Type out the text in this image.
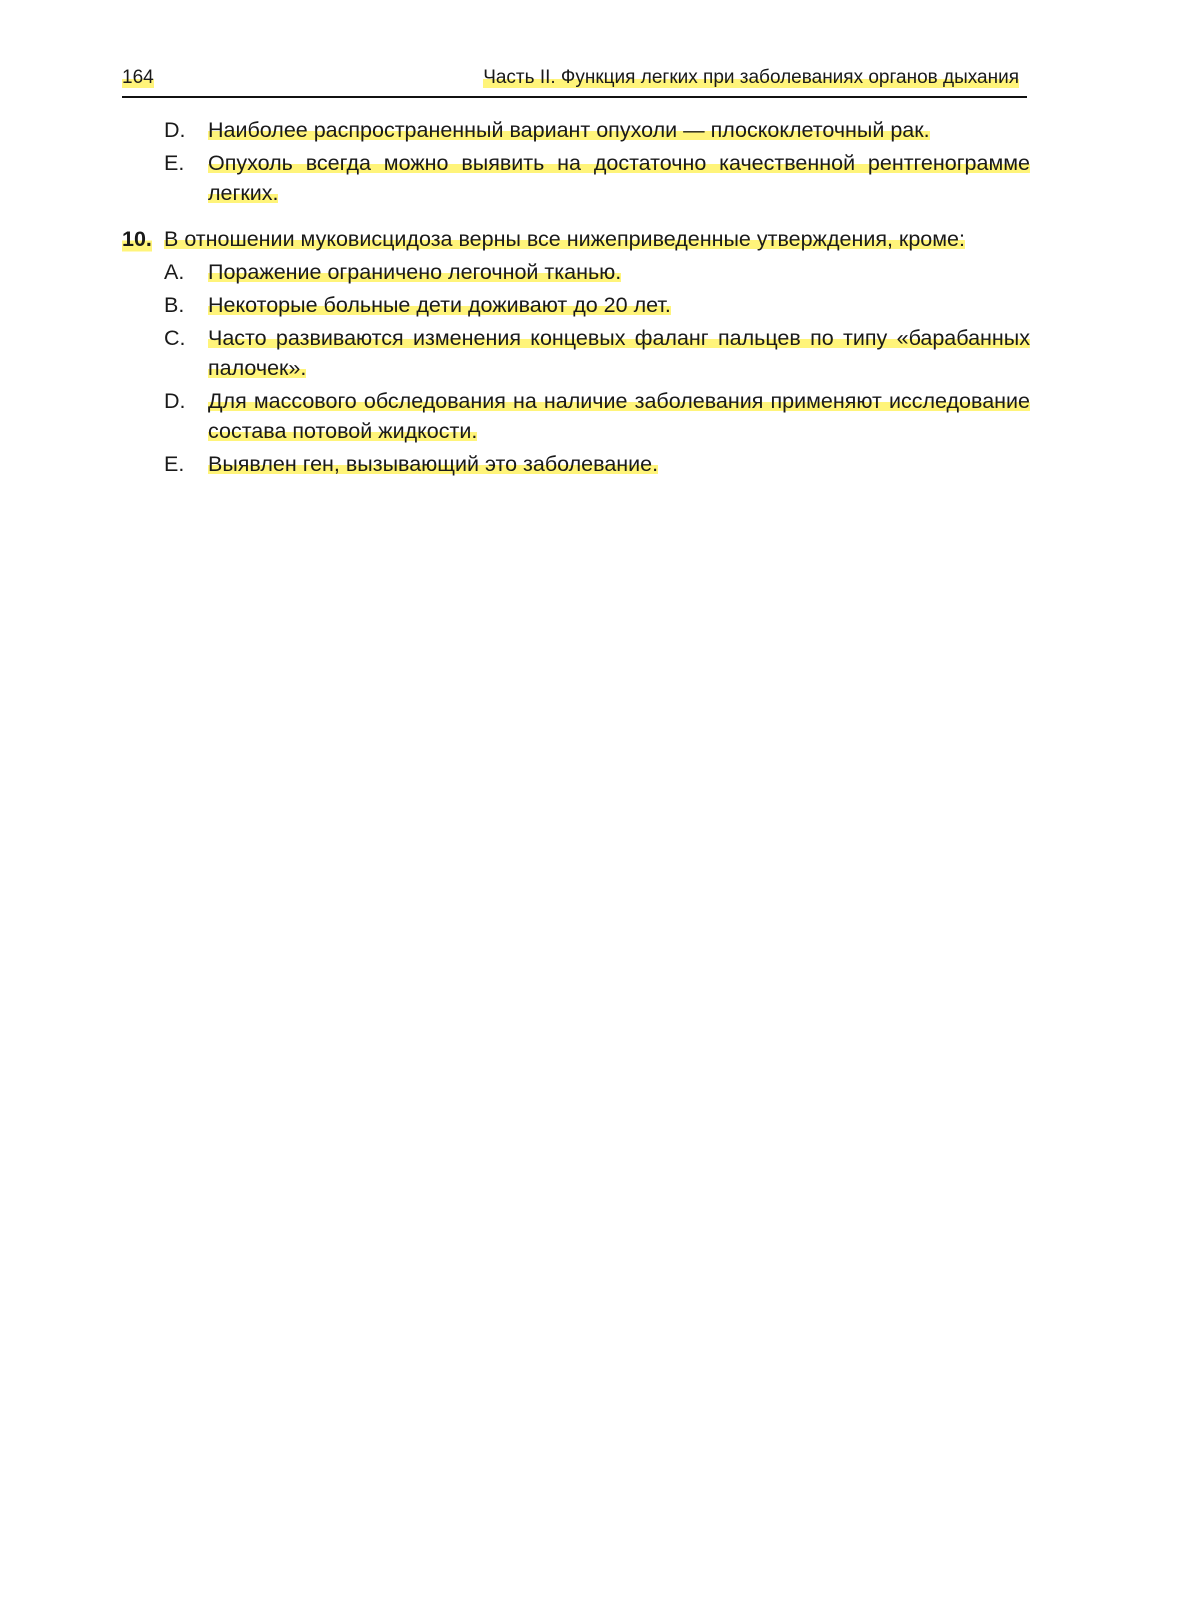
164	Часть II. Функция легких при заболеваниях органов дыхания
D.	Наиболее распространенный вариант опухоли — плоскоклеточный рак.
E.	Опухоль всегда можно выявить на достаточно качественной рентгенограмме легких.
10. В отношении муковисцидоза верны все нижеприведенные утверждения, кроме:
A.	Поражение ограничено легочной тканью.
B.	Некоторые больные дети доживают до 20 лет.
C.	Часто развиваются изменения концевых фаланг пальцев по типу «барабанных палочек».
D.	Для массового обследования на наличие заболевания применяют исследование состава потовой жидкости.
E.	Выявлен ген, вызывающий это заболевание.
